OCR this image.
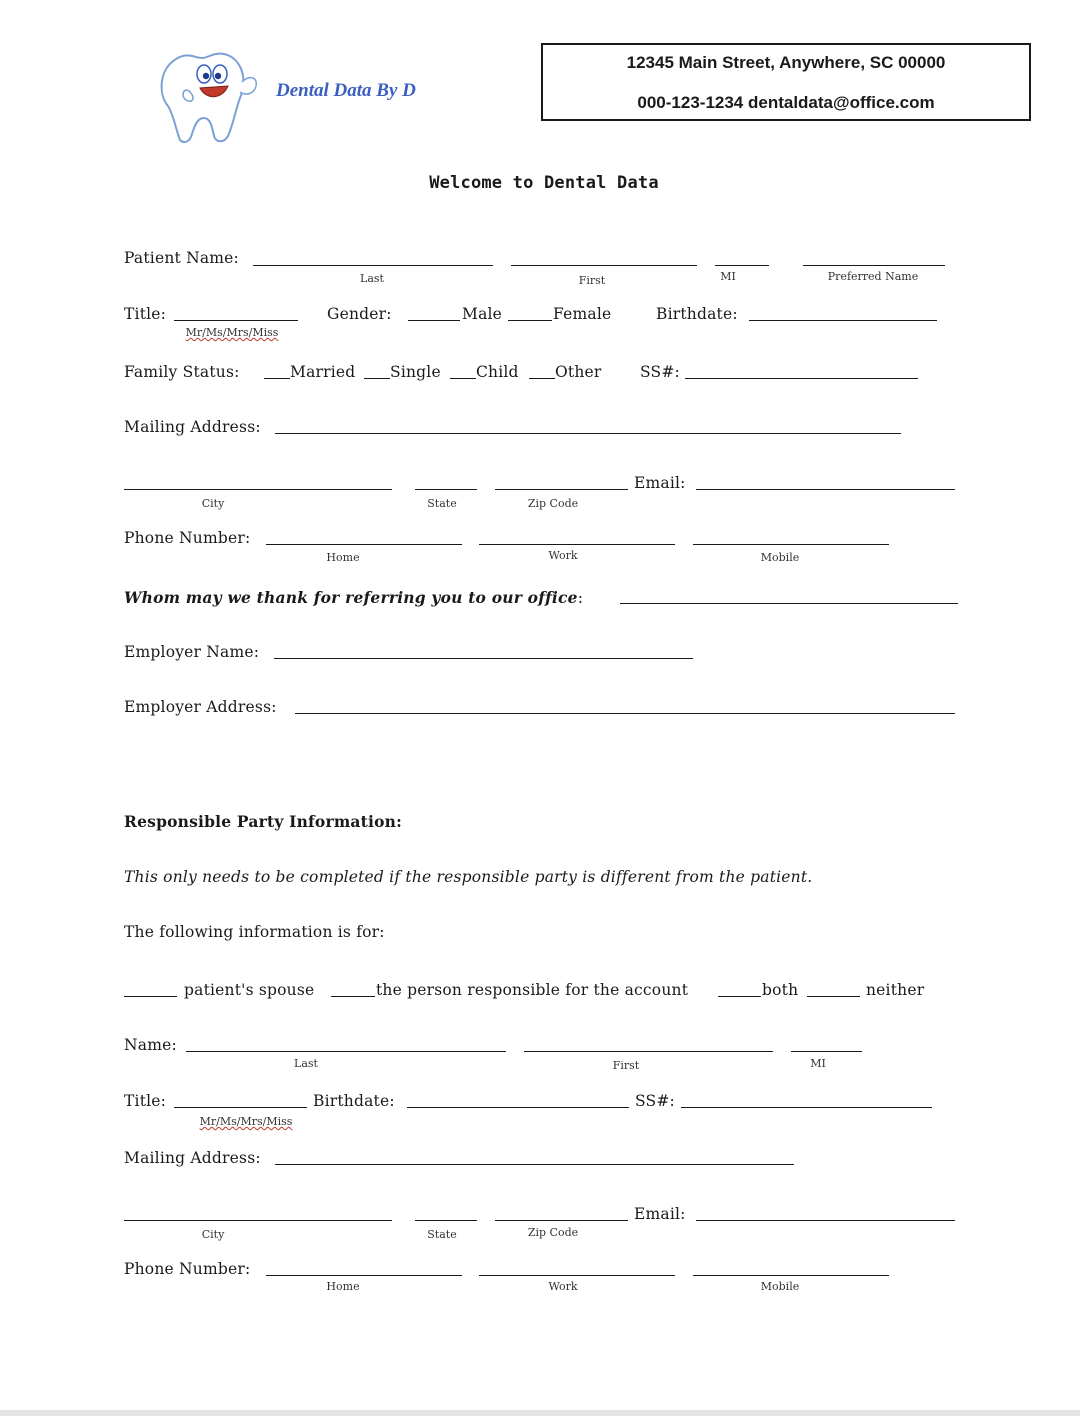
Dental Data By D
12345 Main Street, Anywhere, SC 00000
000-123-1234 dentaldata@office.com
Welcome to Dental Data
Patient Name:
Last	First	MI	Preferred Name
Title:
Mr/Ms/Mrs/Miss
Gender:	Male	Female	Birthdate:
Family Status:	Married Single Child Other SS#:
Mailing Address:
Email:
City	State	Zip Code
Phone Number:
Home	Work	Mobile
Whom may we thank for referring you to our office:
Employer Name:
Employer Address:
Responsible Party Information:
This only needs to be completed if the responsible party is different from the patient.
The following information is for:
patient's spouse	the person responsible for the account	both	neither
Name:
Last	First	MI
Title:
Mr/Ms/Mrs/Miss
Birthdate:	SS#:
Mailing Address:
Email:
City	State	Zip Code
Phone Number:
Home	Work	Mobile
